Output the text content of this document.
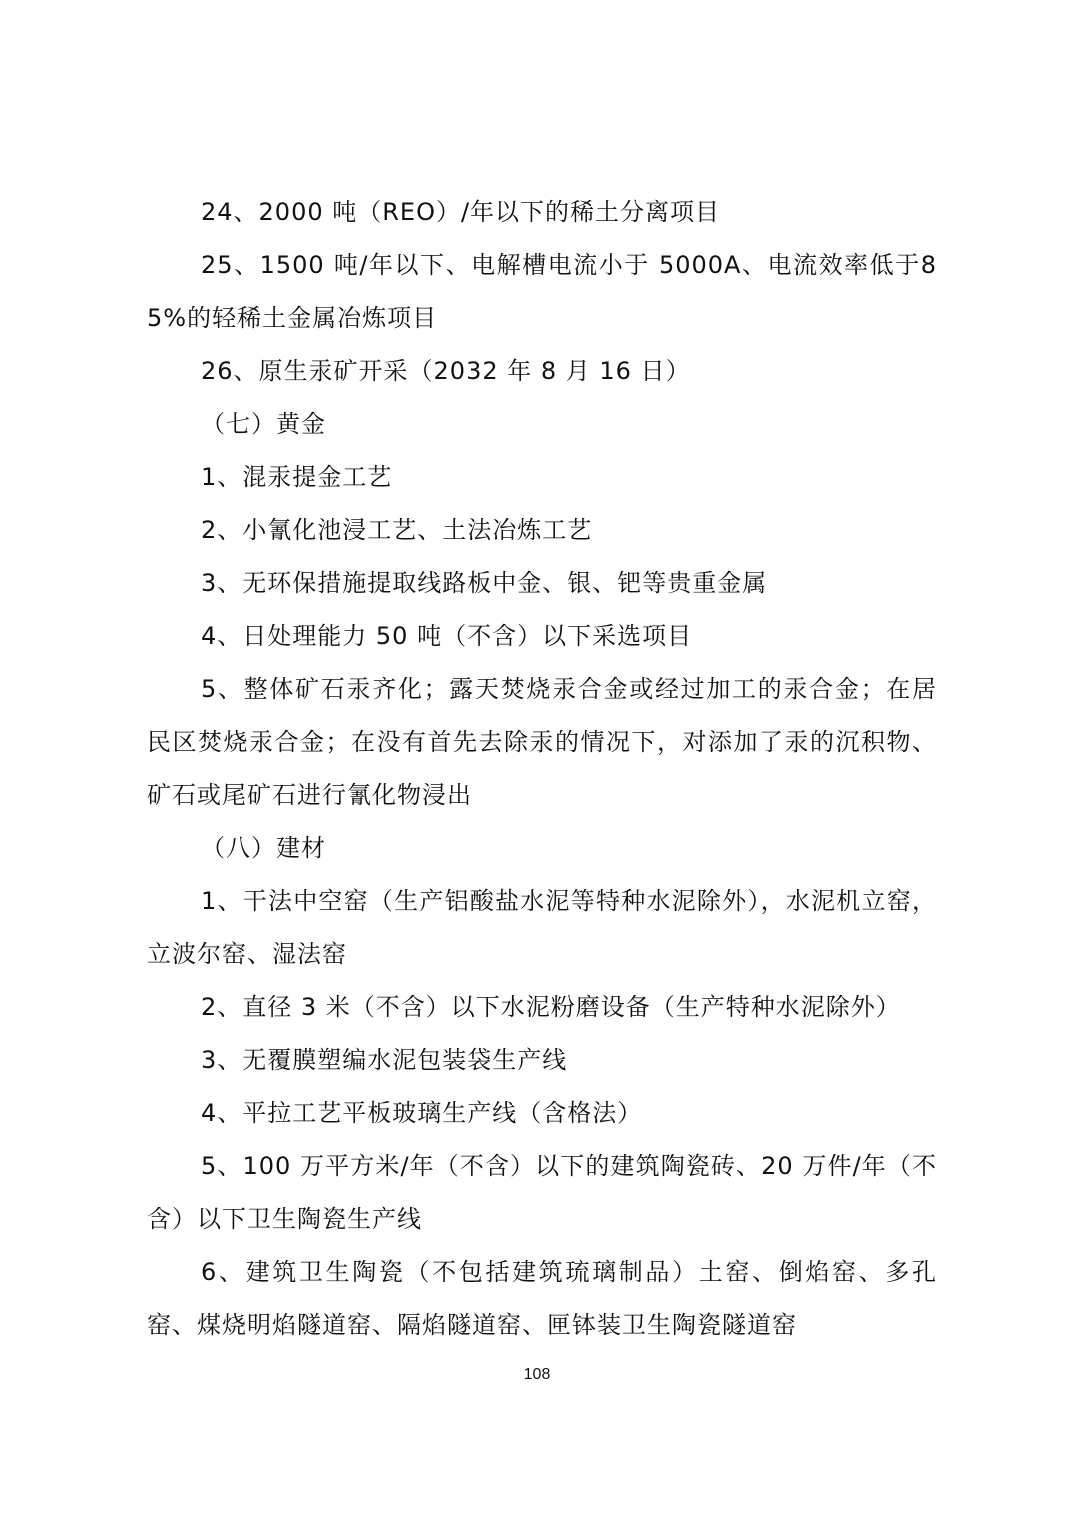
24、2000 吨（REO）/年以下的稀土分离项目

25、1500 吨/年以下、电解槽电流小于 5000A、电流效率低于85%的轻稀土金属冶炼项目

26、原生汞矿开采（2032 年 8 月 16 日）

（七）黄金

1、混汞提金工艺

2、小氰化池浸工艺、土法冶炼工艺

3、无环保措施提取线路板中金、银、钯等贵重金属

4、日处理能力 50 吨（不含）以下采选项目

5、整体矿石汞齐化；露天焚烧汞合金或经过加工的汞合金；在居民区焚烧汞合金；在没有首先去除汞的情况下，对添加了汞的沉积物、矿石或尾矿石进行氰化物浸出

（八）建材

1、干法中空窑（生产铝酸盐水泥等特种水泥除外），水泥机立窑，立波尔窑、湿法窑

2、直径 3 米（不含）以下水泥粉磨设备（生产特种水泥除外）

3、无覆膜塑编水泥包装袋生产线

4、平拉工艺平板玻璃生产线（含格法）

5、100 万平方米/年（不含）以下的建筑陶瓷砖、20 万件/年（不含）以下卫生陶瓷生产线

6、建筑卫生陶瓷（不包括建筑琉璃制品）土窑、倒焰窑、多孔窑、煤烧明焰隧道窑、隔焰隧道窑、匣钵装卫生陶瓷隧道窑

108
